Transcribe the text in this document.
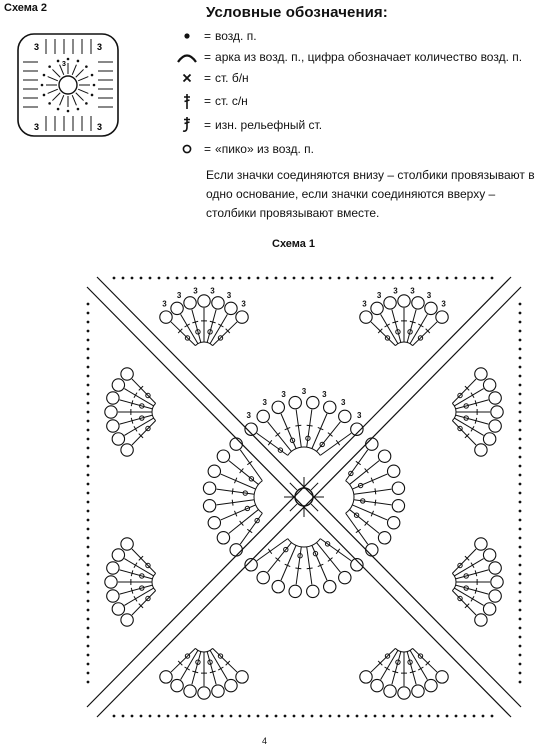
Схема 2
3	3
3	3
3
Условные обозначения:
= возд. п.
= арка из возд. п., цифра обозначает количество возд. п.
= ст. б/н
= ст. с/н
= изн. рельефный ст.
= «пико» из возд. п.
Если значки соединяются внизу – столбики провязывают в одно основание, если значки соединяются вверху – столбики провязывают вместе.
Схема 1
3
3
3 3 3
3
3
3
3 3 3 3
3	3
3 3 3 3
3
4
